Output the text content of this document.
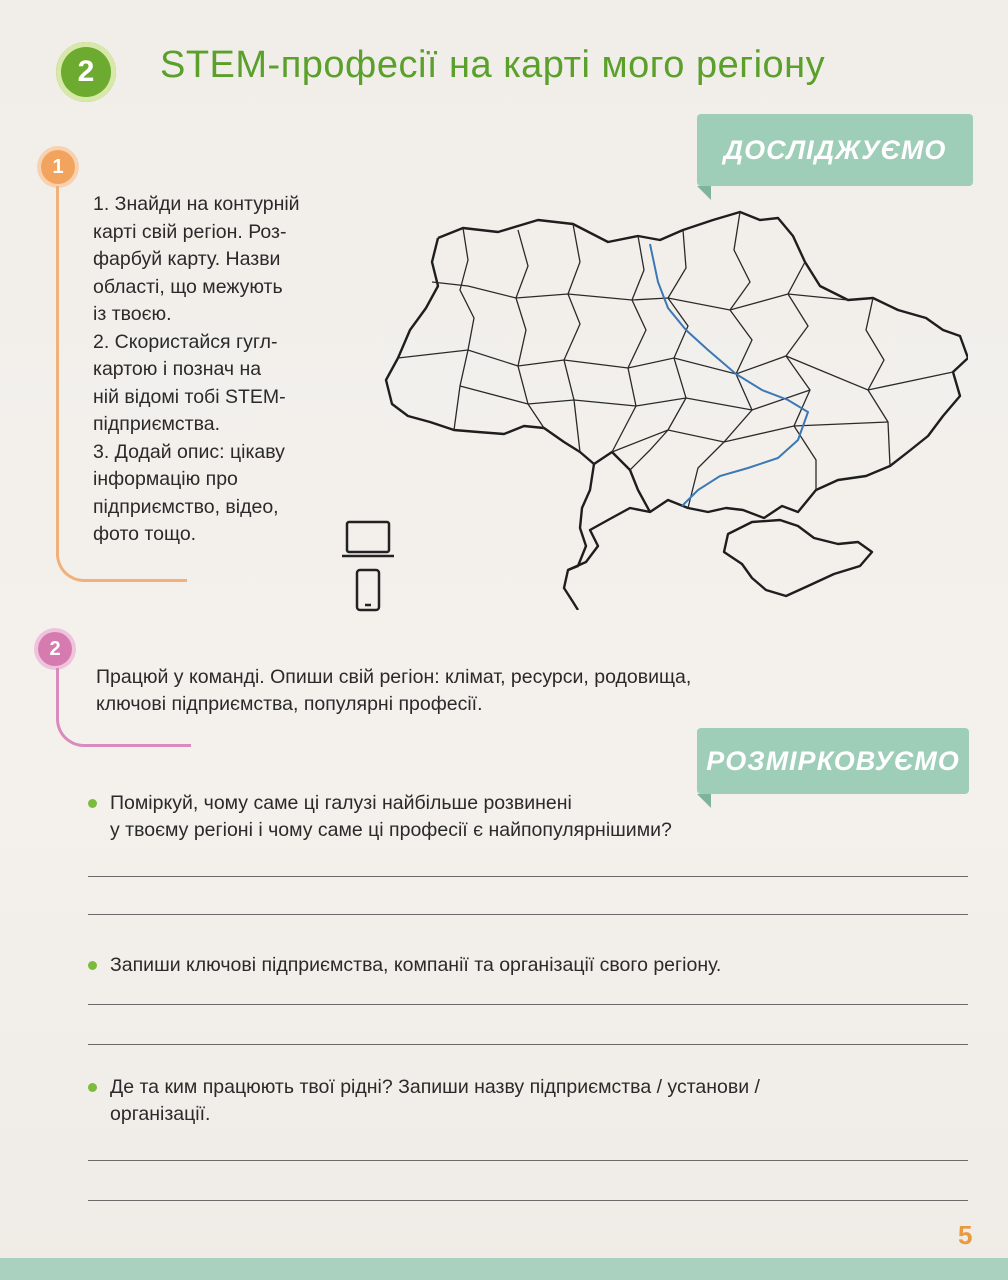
2 STEM-професії на карті мого регіону
ДОСЛІДЖУЄМО
1

1. Знайди на контурній

карті свій регіон. Роз-

фарбуй карту. Назви

області, що межують

із твоєю.

2. Скористайся гугл-

картою і познач на

ній відомі тобі STEM-

підприємства.

3. Додай опис: цікаву

інформацію про

підприємство, відео,

фото тощо.

2
Працюй у команді. Опиши свій регіон: клімат, ресурси, родовища,
ключові підприємства, популярні професії.
РОЗМІРКОВУЄМО
Поміркуй, чому саме ці галузі найбільше розвинені
у твоєму регіоні і чому саме ці професії є найпопулярнішими?
Запиши ключові підприємства, компанії та організації свого регіону.
Де та ким працюють твої рідні? Запиши назву підприємства / установи /
організації.
5
